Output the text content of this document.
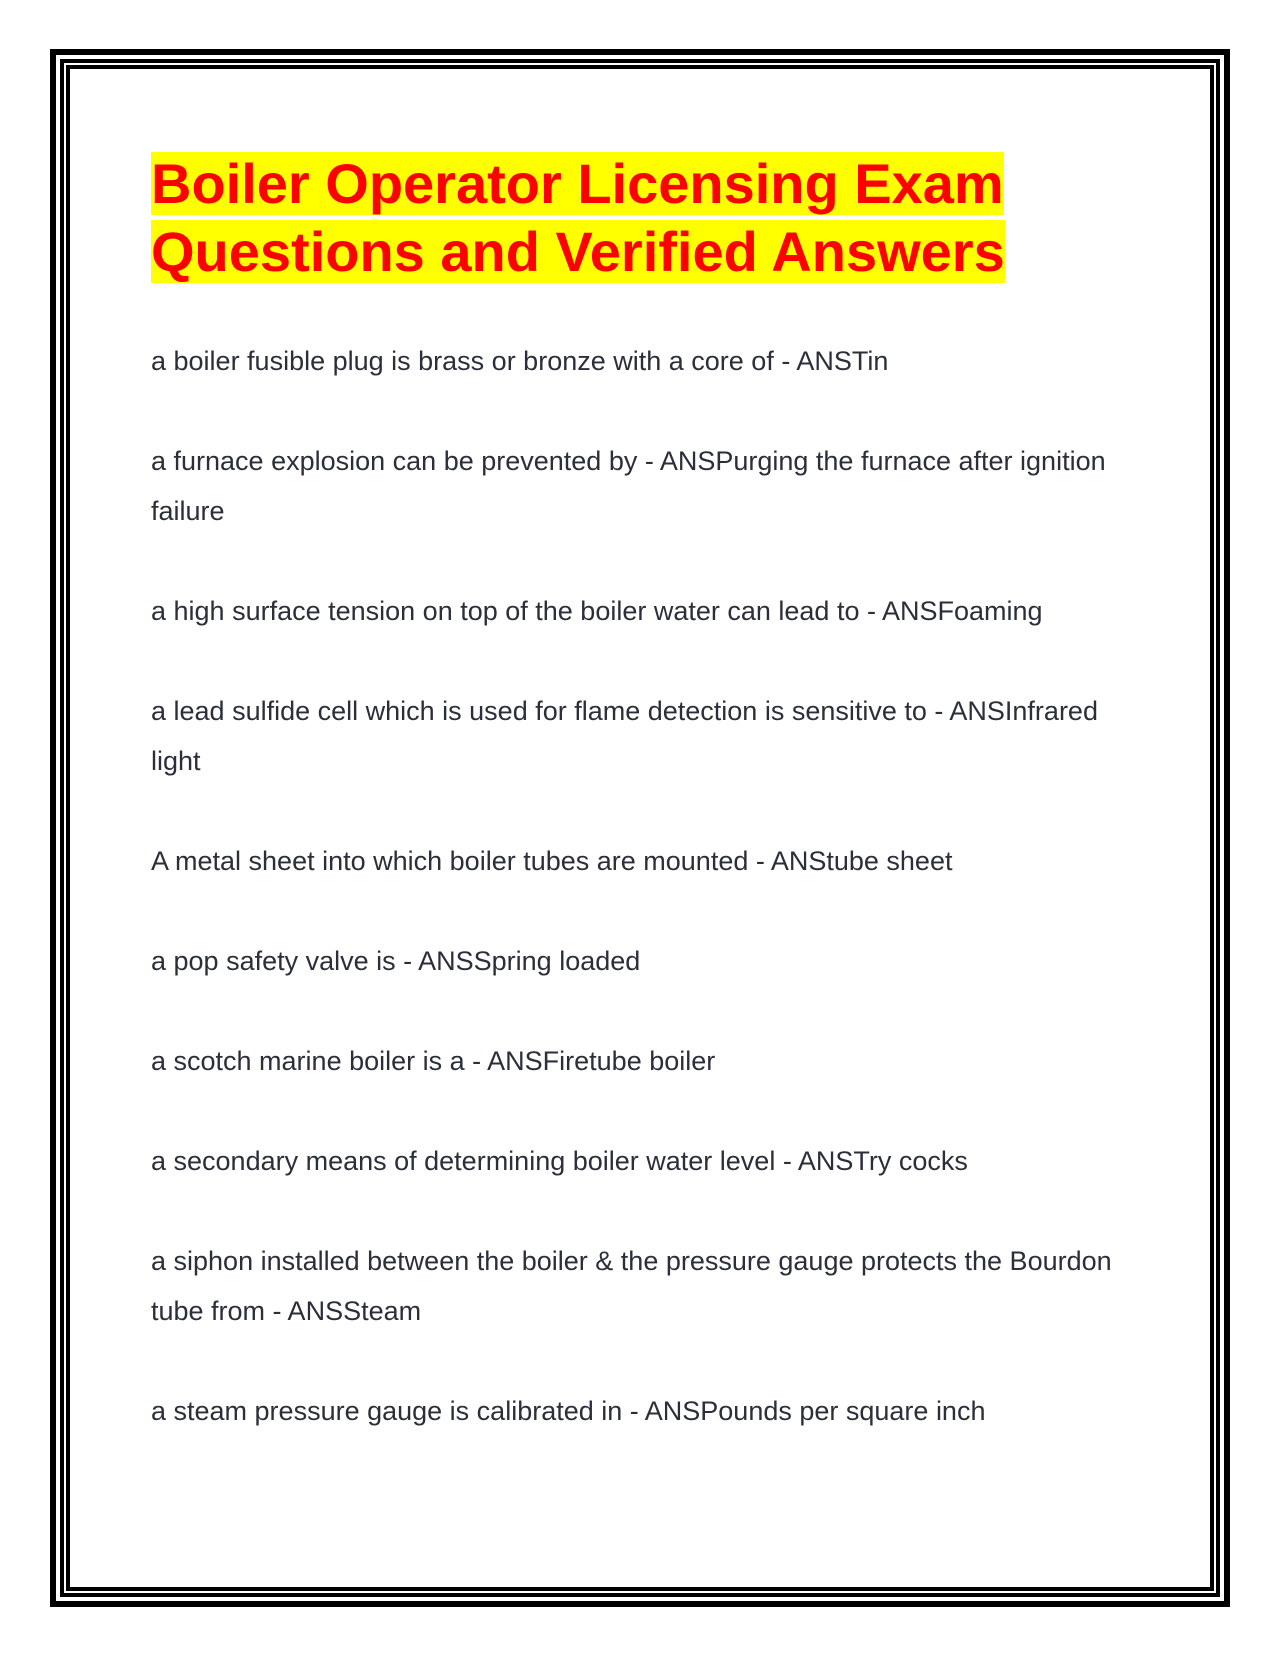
Boiler Operator Licensing Exam
Questions and Verified Answers

a boiler fusible plug is brass or bronze with a core of - ANSTin

a furnace explosion can be prevented by - ANSPurging the furnace after ignition failure

a high surface tension on top of the boiler water can lead to - ANSFoaming

a lead sulfide cell which is used for flame detection is sensitive to - ANSInfrared light

A metal sheet into which boiler tubes are mounted - ANStube sheet

a pop safety valve is - ANSSpring loaded

a scotch marine boiler is a - ANSFiretube boiler

a secondary means of determining boiler water level - ANSTry cocks

a siphon installed between the boiler & the pressure gauge protects the Bourdon tube from - ANSSteam

a steam pressure gauge is calibrated in - ANSPounds per square inch
